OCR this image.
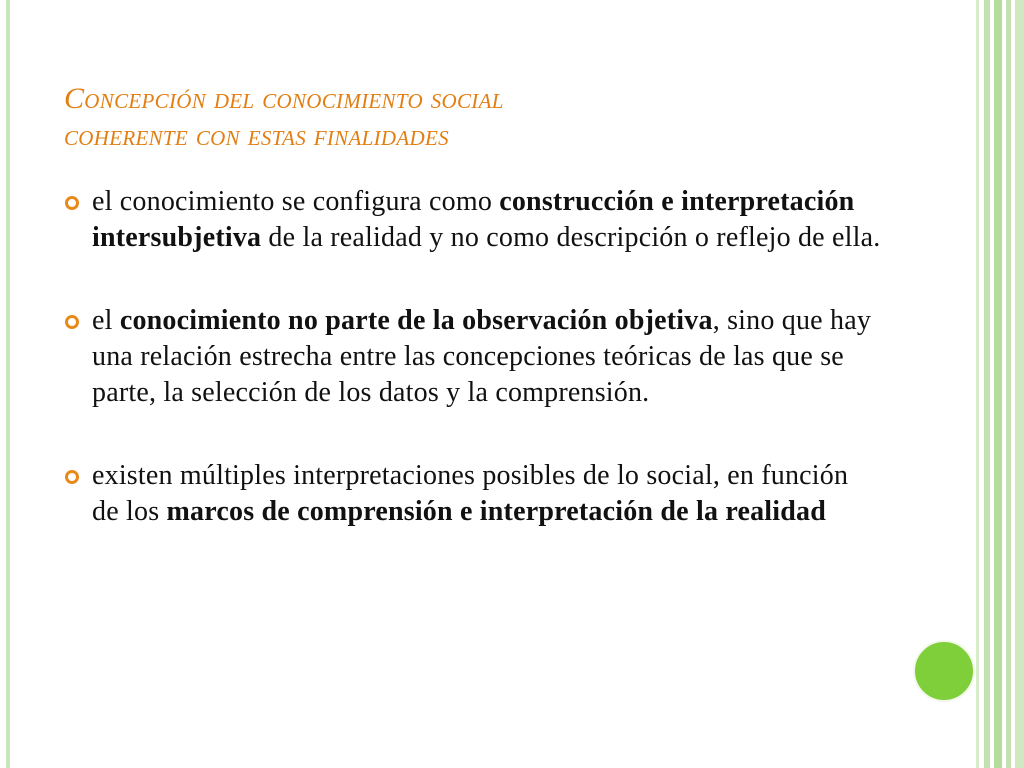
Concepción del conocimiento social
coherente con estas finalidades
el conocimiento se configura como construcción e interpretación intersubjetiva de la realidad y no como descripción o reflejo de ella.
el conocimiento no parte de la observación objetiva, sino que hay una relación estrecha entre las concepciones teóricas de las que se parte, la selección de los datos y la comprensión.
existen múltiples interpretaciones posibles de lo social, en función de los marcos de comprensión e interpretación de la realidad
